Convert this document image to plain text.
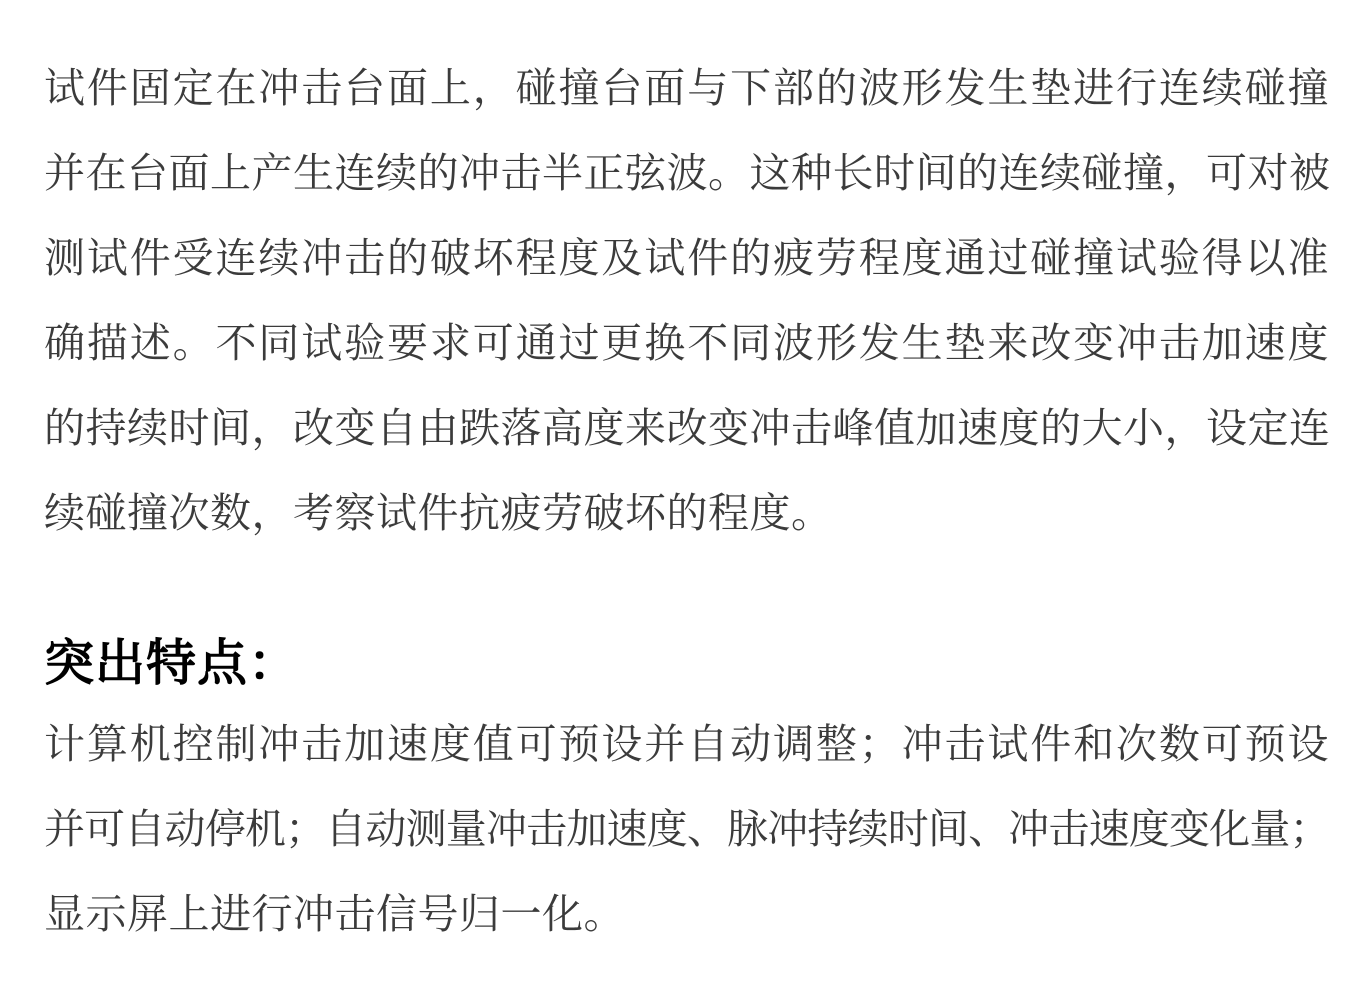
试件固定在冲击台面上，碰撞台面与下部的波形发生垫进行连续碰撞
并在台面上产生连续的冲击半正弦波。这种长时间的连续碰撞，可对被
测试件受连续冲击的破坏程度及试件的疲劳程度通过碰撞试验得以准
确描述。不同试验要求可通过更换不同波形发生垫来改变冲击加速度
的持续时间，改变自由跌落高度来改变冲击峰值加速度的大小，设定连
续碰撞次数，考察试件抗疲劳破坏的程度。
突出特点：
计算机控制冲击加速度值可预设并自动调整；冲击试件和次数可预设
并可自动停机；自动测量冲击加速度、脉冲持续时间、冲击速度变化量；
显示屏上进行冲击信号归一化。
